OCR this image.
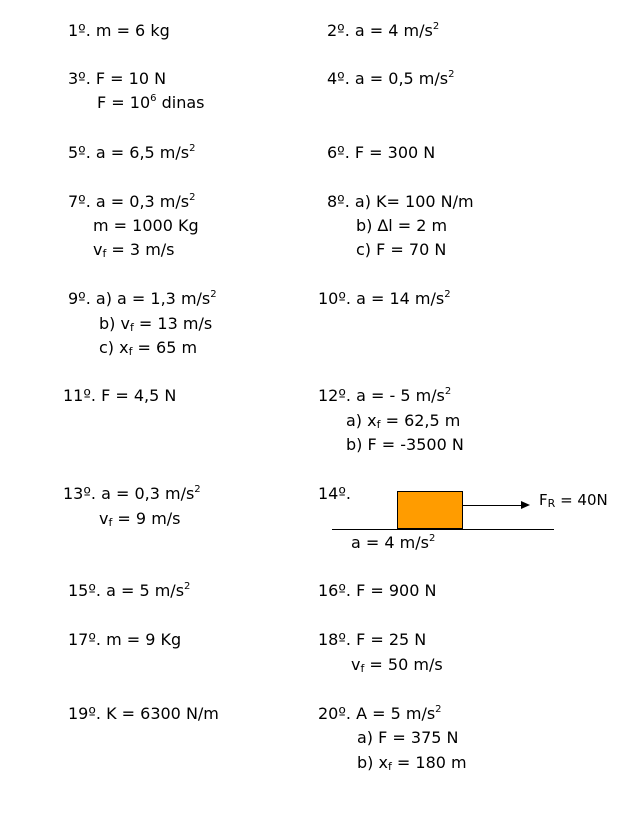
1º. m = 6 kg
3º. F = 10 N
$F = 10^6$ dinas
5º. a = 6,5 $m/s^2$
7º. a = 0,3 $m/s^2$
m = 1000 Kg
$v_f = 3$ m/s
9º. a) a = 1,3 $m/s^2$
b) $v_f = 13$ m/s
c) $x_f = 65$ m
11º. F = 4,5 N
13º. a = 0,3 $m/s^2$
$v_f = 9$ m/s
15º. a = 5 $m/s^2$
17º. m = 9 Kg
19º. K = 6300 N/m
2º. a = 4 $m/s^2$
4º. a = 0,5 $m/s^2$
6º. F = 300 N
8º. a) K= 100 N/m
b) ∆l = 2 m
c) F = 70 N
10º. a = 14 $m/s^2$
12º. a = - 5 $m/s^2$
a) $x_f = 62,5$ m
b) F = -3500 N
14º.	$F_R = 40N$
a = 4 $m/s^2$
16º. F = 900 N
18º. F = 25 N
$v_f = 50$ m/s
20º. A = 5 $m/s^2$
a) F = 375 N
b) $x_f = 180$ m
